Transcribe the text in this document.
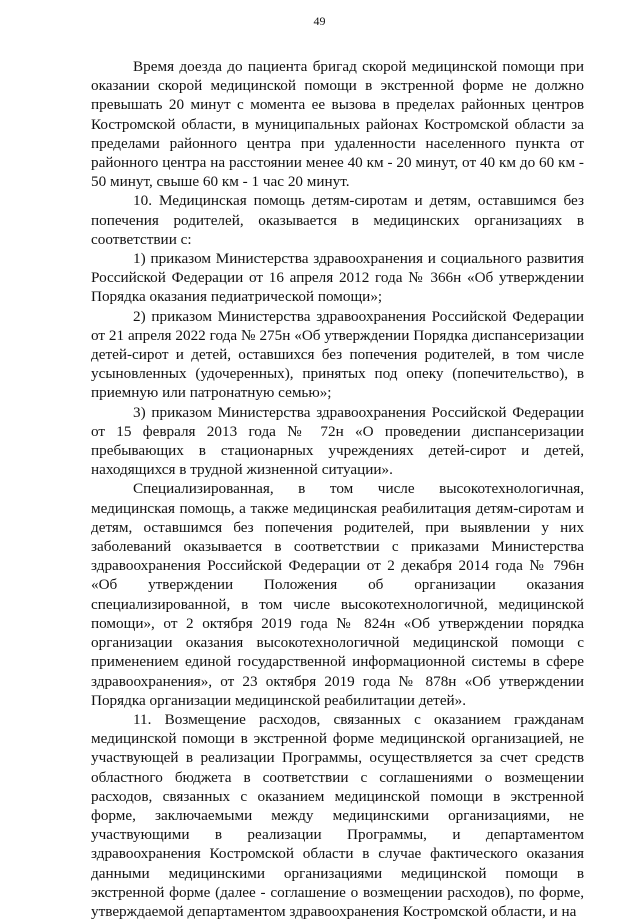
49

Время доезда до пациента бригад скорой медицинской помощи при оказании скорой медицинской помощи в экстренной форме не должно превышать 20 минут с момента ее вызова в пределах районных центров Костромской области, в муниципальных районах Костромской области за пределами районного центра при удаленности населенного пункта от районного центра на расстоянии менее 40 км - 20 минут, от 40 км до 60 км - 50 минут, свыше 60 км - 1 час 20 минут.

10. Медицинская помощь детям-сиротам и детям, оставшимся без попечения родителей, оказывается в медицинских организациях в соответствии с:

1) приказом Министерства здравоохранения и социального развития Российской Федерации от 16 апреля 2012 года № 366н «Об утверждении Порядка оказания педиатрической помощи»;

2) приказом Министерства здравоохранения Российской Федерации от 21 апреля 2022 года № 275н «Об утверждении Порядка диспансеризации детей-сирот и детей, оставшихся без попечения родителей, в том числе усыновленных (удочеренных), принятых под опеку (попечительство), в приемную или патронатную семью»;

3) приказом Министерства здравоохранения Российской Федерации от 15 февраля 2013 года № 72н «О проведении диспансеризации пребывающих в стационарных учреждениях детей-сирот и детей, находящихся в трудной жизненной ситуации».

Специализированная, в том числе высокотехнологичная, медицинская помощь, а также медицинская реабилитация детям-сиротам и детям, оставшимся без попечения родителей, при выявлении у них заболеваний оказывается в соответствии с приказами Министерства здравоохранения Российской Федерации от 2 декабря 2014 года № 796н «Об утверждении Положения об организации оказания специализированной, в том числе высокотехнологичной, медицинской помощи», от 2 октября 2019 года № 824н «Об утверждении порядка организации оказания высокотехнологичной медицинской помощи с применением единой государственной информационной системы в сфере здравоохранения», от 23 октября 2019 года № 878н «Об утверждении Порядка организации медицинской реабилитации детей».

11. Возмещение расходов, связанных с оказанием гражданам медицинской помощи в экстренной форме медицинской организацией, не участвующей в реализации Программы, осуществляется за счет средств областного бюджета в соответствии с соглашениями о возмещении расходов, связанных с оказанием медицинской помощи в экстренной форме, заключаемыми между медицинскими организациями, не участвующими в реализации Программы, и департаментом здравоохранения Костромской области в случае фактического оказания данными медицинскими организациями медицинской помощи в экстренной форме (далее - соглашение о возмещении расходов), по форме, утверждаемой департаментом здравоохранения Костромской области, и на
